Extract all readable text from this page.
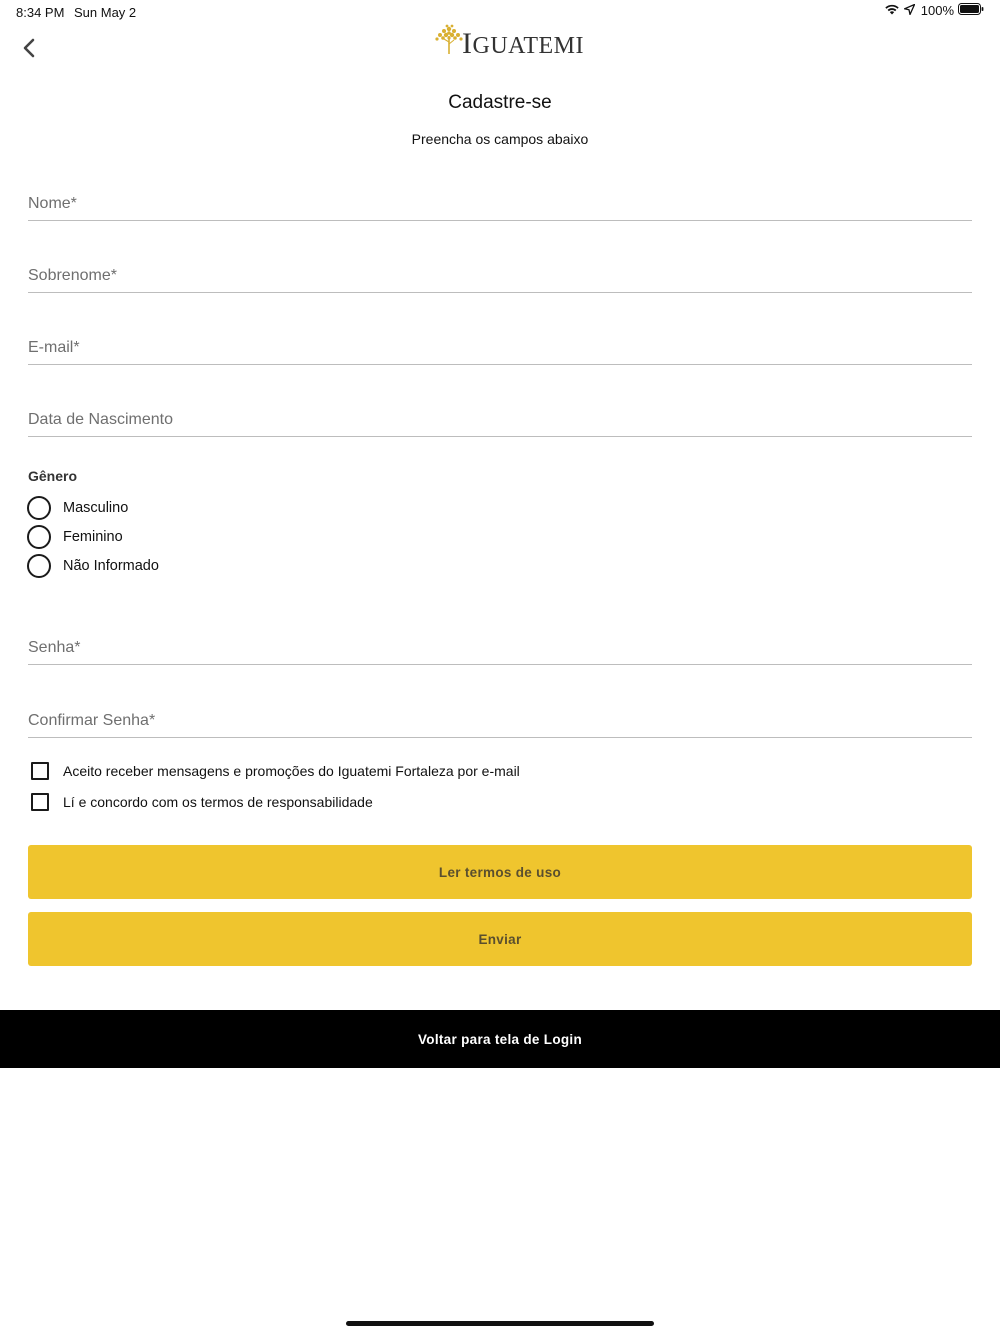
8:34 PM Sun May 2	100%
IGUATEMI
Cadastre-se
Preencha os campos abaixo
Nome*
Sobrenome*
E-mail*
Data de Nascimento
Gênero
Masculino
Feminino
Não Informado
Aceito receber mensagens e promoções do Iguatemi Fortaleza por e-mail
Lí e concordo com os termos de responsabilidade
Ler termos de uso
Enviar
Voltar para tela de Login
